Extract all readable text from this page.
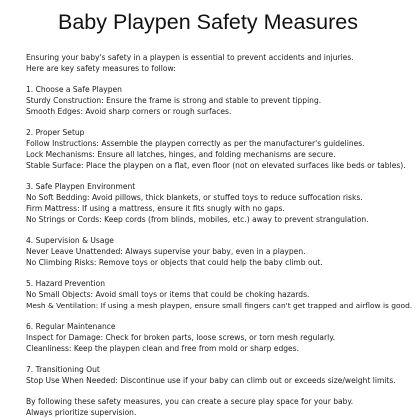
Baby Playpen Safety Measures
Ensuring your baby's safety in a playpen is essential to prevent accidents and injuries.
Here are key safety measures to follow:
1. Choose a Safe Playpen
Sturdy Construction: Ensure the frame is strong and stable to prevent tipping.
Smooth Edges: Avoid sharp corners or rough surfaces.
2. Proper Setup
Follow Instructions: Assemble the playpen correctly as per the manufacturer's guidelines.
Lock Mechanisms: Ensure all latches, hinges, and folding mechanisms are secure.
Stable Surface: Place the playpen on a flat, even floor (not on elevated surfaces like beds or tables).
3. Safe Playpen Environment
No Soft Bedding: Avoid pillows, thick blankets, or stuffed toys to reduce suffocation risks.
Firm Mattress: If using a mattress, ensure it fits snugly with no gaps.
No Strings or Cords: Keep cords (from blinds, mobiles, etc.) away to prevent strangulation.
4. Supervision & Usage
Never Leave Unattended: Always supervise your baby, even in a playpen.
No Climbing Risks: Remove toys or objects that could help the baby climb out.
5. Hazard Prevention
No Small Objects: Avoid small toys or items that could be choking hazards.
Mesh & Ventilation: If using a mesh playpen, ensure small fingers can't get trapped and airflow is good.
6. Regular Maintenance
Inspect for Damage: Check for broken parts, loose screws, or torn mesh regularly.
Cleanliness: Keep the playpen clean and free from mold or sharp edges.
7. Transitioning Out
Stop Use When Needed: Discontinue use if your baby can climb out or exceeds size/weight limits.
By following these safety measures, you can create a secure play space for your baby.
Always prioritize supervision.
